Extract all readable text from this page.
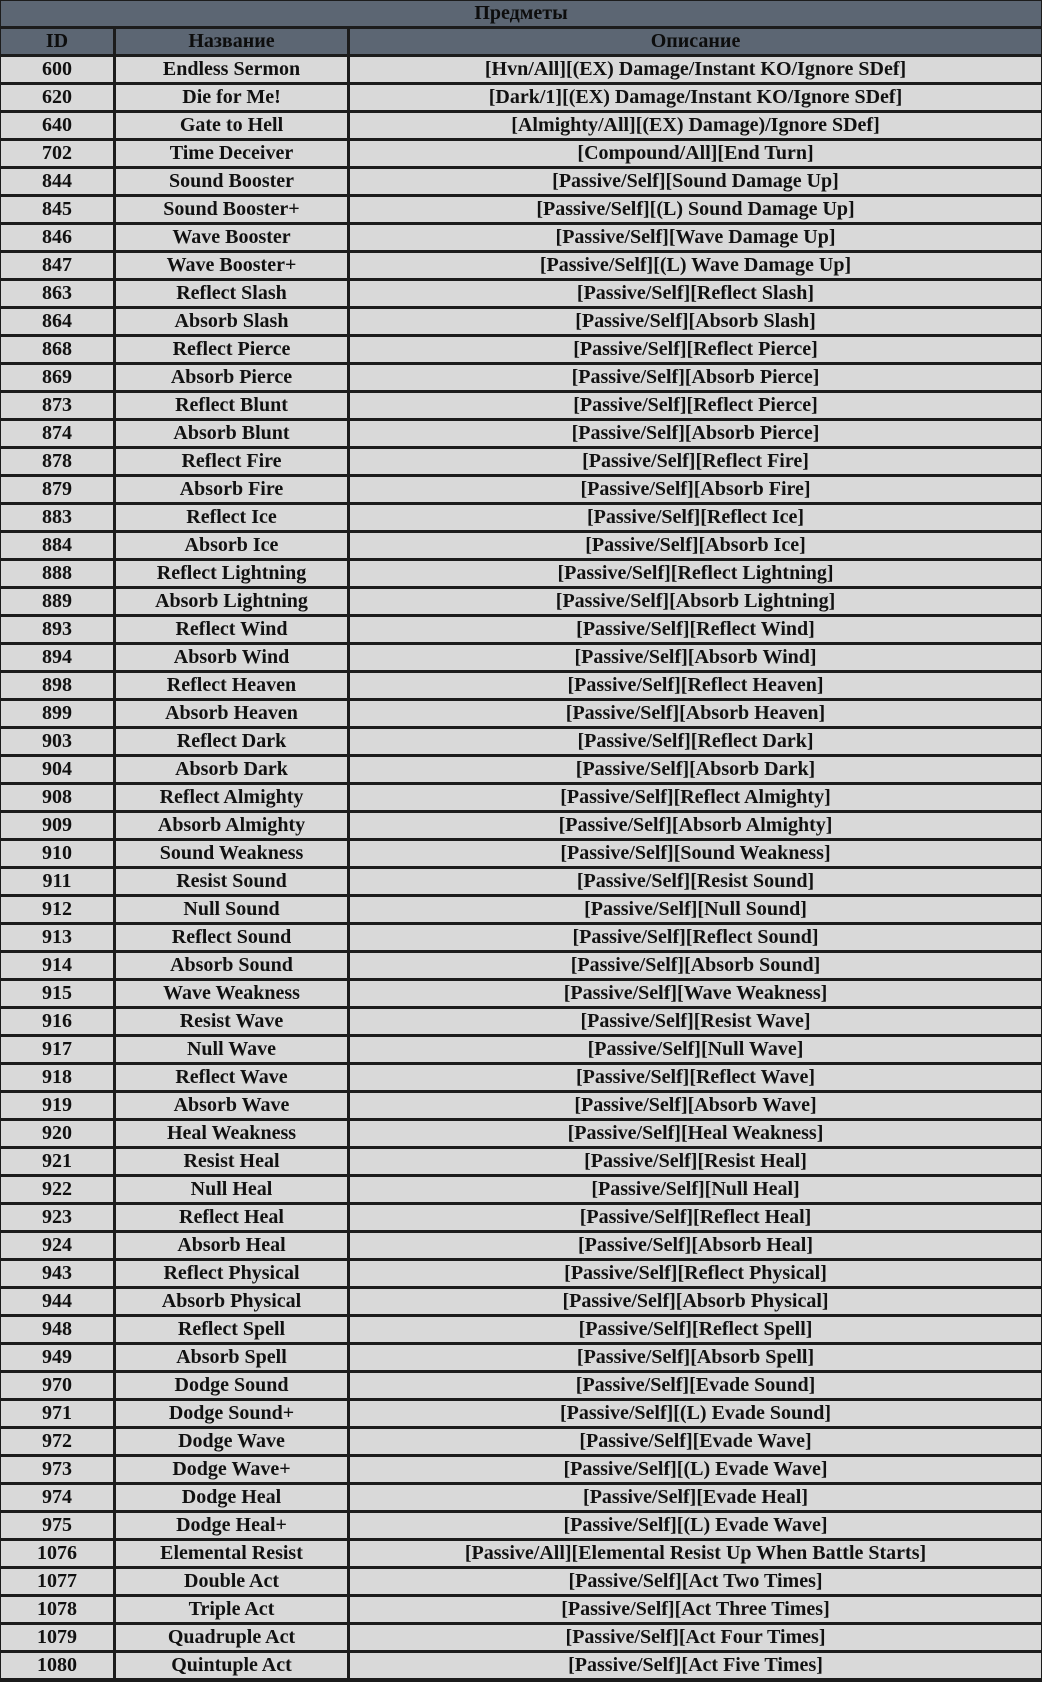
Предметы		
ID	Название	Описание
600	Endless Sermon	[Hvn/All][(EX) Damage/Instant KO/Ignore SDef]
620	Die for Me!	[Dark/1][(EX) Damage/Instant KO/Ignore SDef]
640	Gate to Hell	[Almighty/All][(EX) Damage)/Ignore SDef]
702	Time Deceiver	[Compound/All][End Turn]
844	Sound Booster	[Passive/Self][Sound Damage Up]
845	Sound Booster+	[Passive/Self][(L) Sound Damage Up]
846	Wave Booster	[Passive/Self][Wave Damage Up]
847	Wave Booster+	[Passive/Self][(L) Wave Damage Up]
863	Reflect Slash	[Passive/Self][Reflect Slash]
864	Absorb Slash	[Passive/Self][Absorb Slash]
868	Reflect Pierce	[Passive/Self][Reflect Pierce]
869	Absorb Pierce	[Passive/Self][Absorb Pierce]
873	Reflect Blunt	[Passive/Self][Reflect Pierce]
874	Absorb Blunt	[Passive/Self][Absorb Pierce]
878	Reflect Fire	[Passive/Self][Reflect Fire]
879	Absorb Fire	[Passive/Self][Absorb Fire]
883	Reflect Ice	[Passive/Self][Reflect Ice]
884	Absorb Ice	[Passive/Self][Absorb Ice]
888	Reflect Lightning	[Passive/Self][Reflect Lightning]
889	Absorb Lightning	[Passive/Self][Absorb Lightning]
893	Reflect Wind	[Passive/Self][Reflect Wind]
894	Absorb Wind	[Passive/Self][Absorb Wind]
898	Reflect Heaven	[Passive/Self][Reflect Heaven]
899	Absorb Heaven	[Passive/Self][Absorb Heaven]
903	Reflect Dark	[Passive/Self][Reflect Dark]
904	Absorb Dark	[Passive/Self][Absorb Dark]
908	Reflect Almighty	[Passive/Self][Reflect Almighty]
909	Absorb Almighty	[Passive/Self][Absorb Almighty]
910	Sound Weakness	[Passive/Self][Sound Weakness]
911	Resist Sound	[Passive/Self][Resist Sound]
912	Null Sound	[Passive/Self][Null Sound]
913	Reflect Sound	[Passive/Self][Reflect Sound]
914	Absorb Sound	[Passive/Self][Absorb Sound]
915	Wave Weakness	[Passive/Self][Wave Weakness]
916	Resist Wave	[Passive/Self][Resist Wave]
917	Null Wave	[Passive/Self][Null Wave]
918	Reflect Wave	[Passive/Self][Reflect Wave]
919	Absorb Wave	[Passive/Self][Absorb Wave]
920	Heal Weakness	[Passive/Self][Heal Weakness]
921	Resist Heal	[Passive/Self][Resist Heal]
922	Null Heal	[Passive/Self][Null Heal]
923	Reflect Heal	[Passive/Self][Reflect Heal]
924	Absorb Heal	[Passive/Self][Absorb Heal]
943	Reflect Physical	[Passive/Self][Reflect Physical]
944	Absorb Physical	[Passive/Self][Absorb Physical]
948	Reflect Spell	[Passive/Self][Reflect Spell]
949	Absorb Spell	[Passive/Self][Absorb Spell]
970	Dodge Sound	[Passive/Self][Evade Sound]
971	Dodge Sound+	[Passive/Self][(L) Evade Sound]
972	Dodge Wave	[Passive/Self][Evade Wave]
973	Dodge Wave+	[Passive/Self][(L) Evade Wave]
974	Dodge Heal	[Passive/Self][Evade Heal]
975	Dodge Heal+	[Passive/Self][(L) Evade Wave]
1076	Elemental Resist	[Passive/All][Elemental Resist Up When Battle Starts]
1077	Double Act	[Passive/Self][Act Two Times]
1078	Triple Act	[Passive/Self][Act Three Times]
1079	Quadruple Act	[Passive/Self][Act Four Times]
1080	Quintuple Act	[Passive/Self][Act Five Times]
